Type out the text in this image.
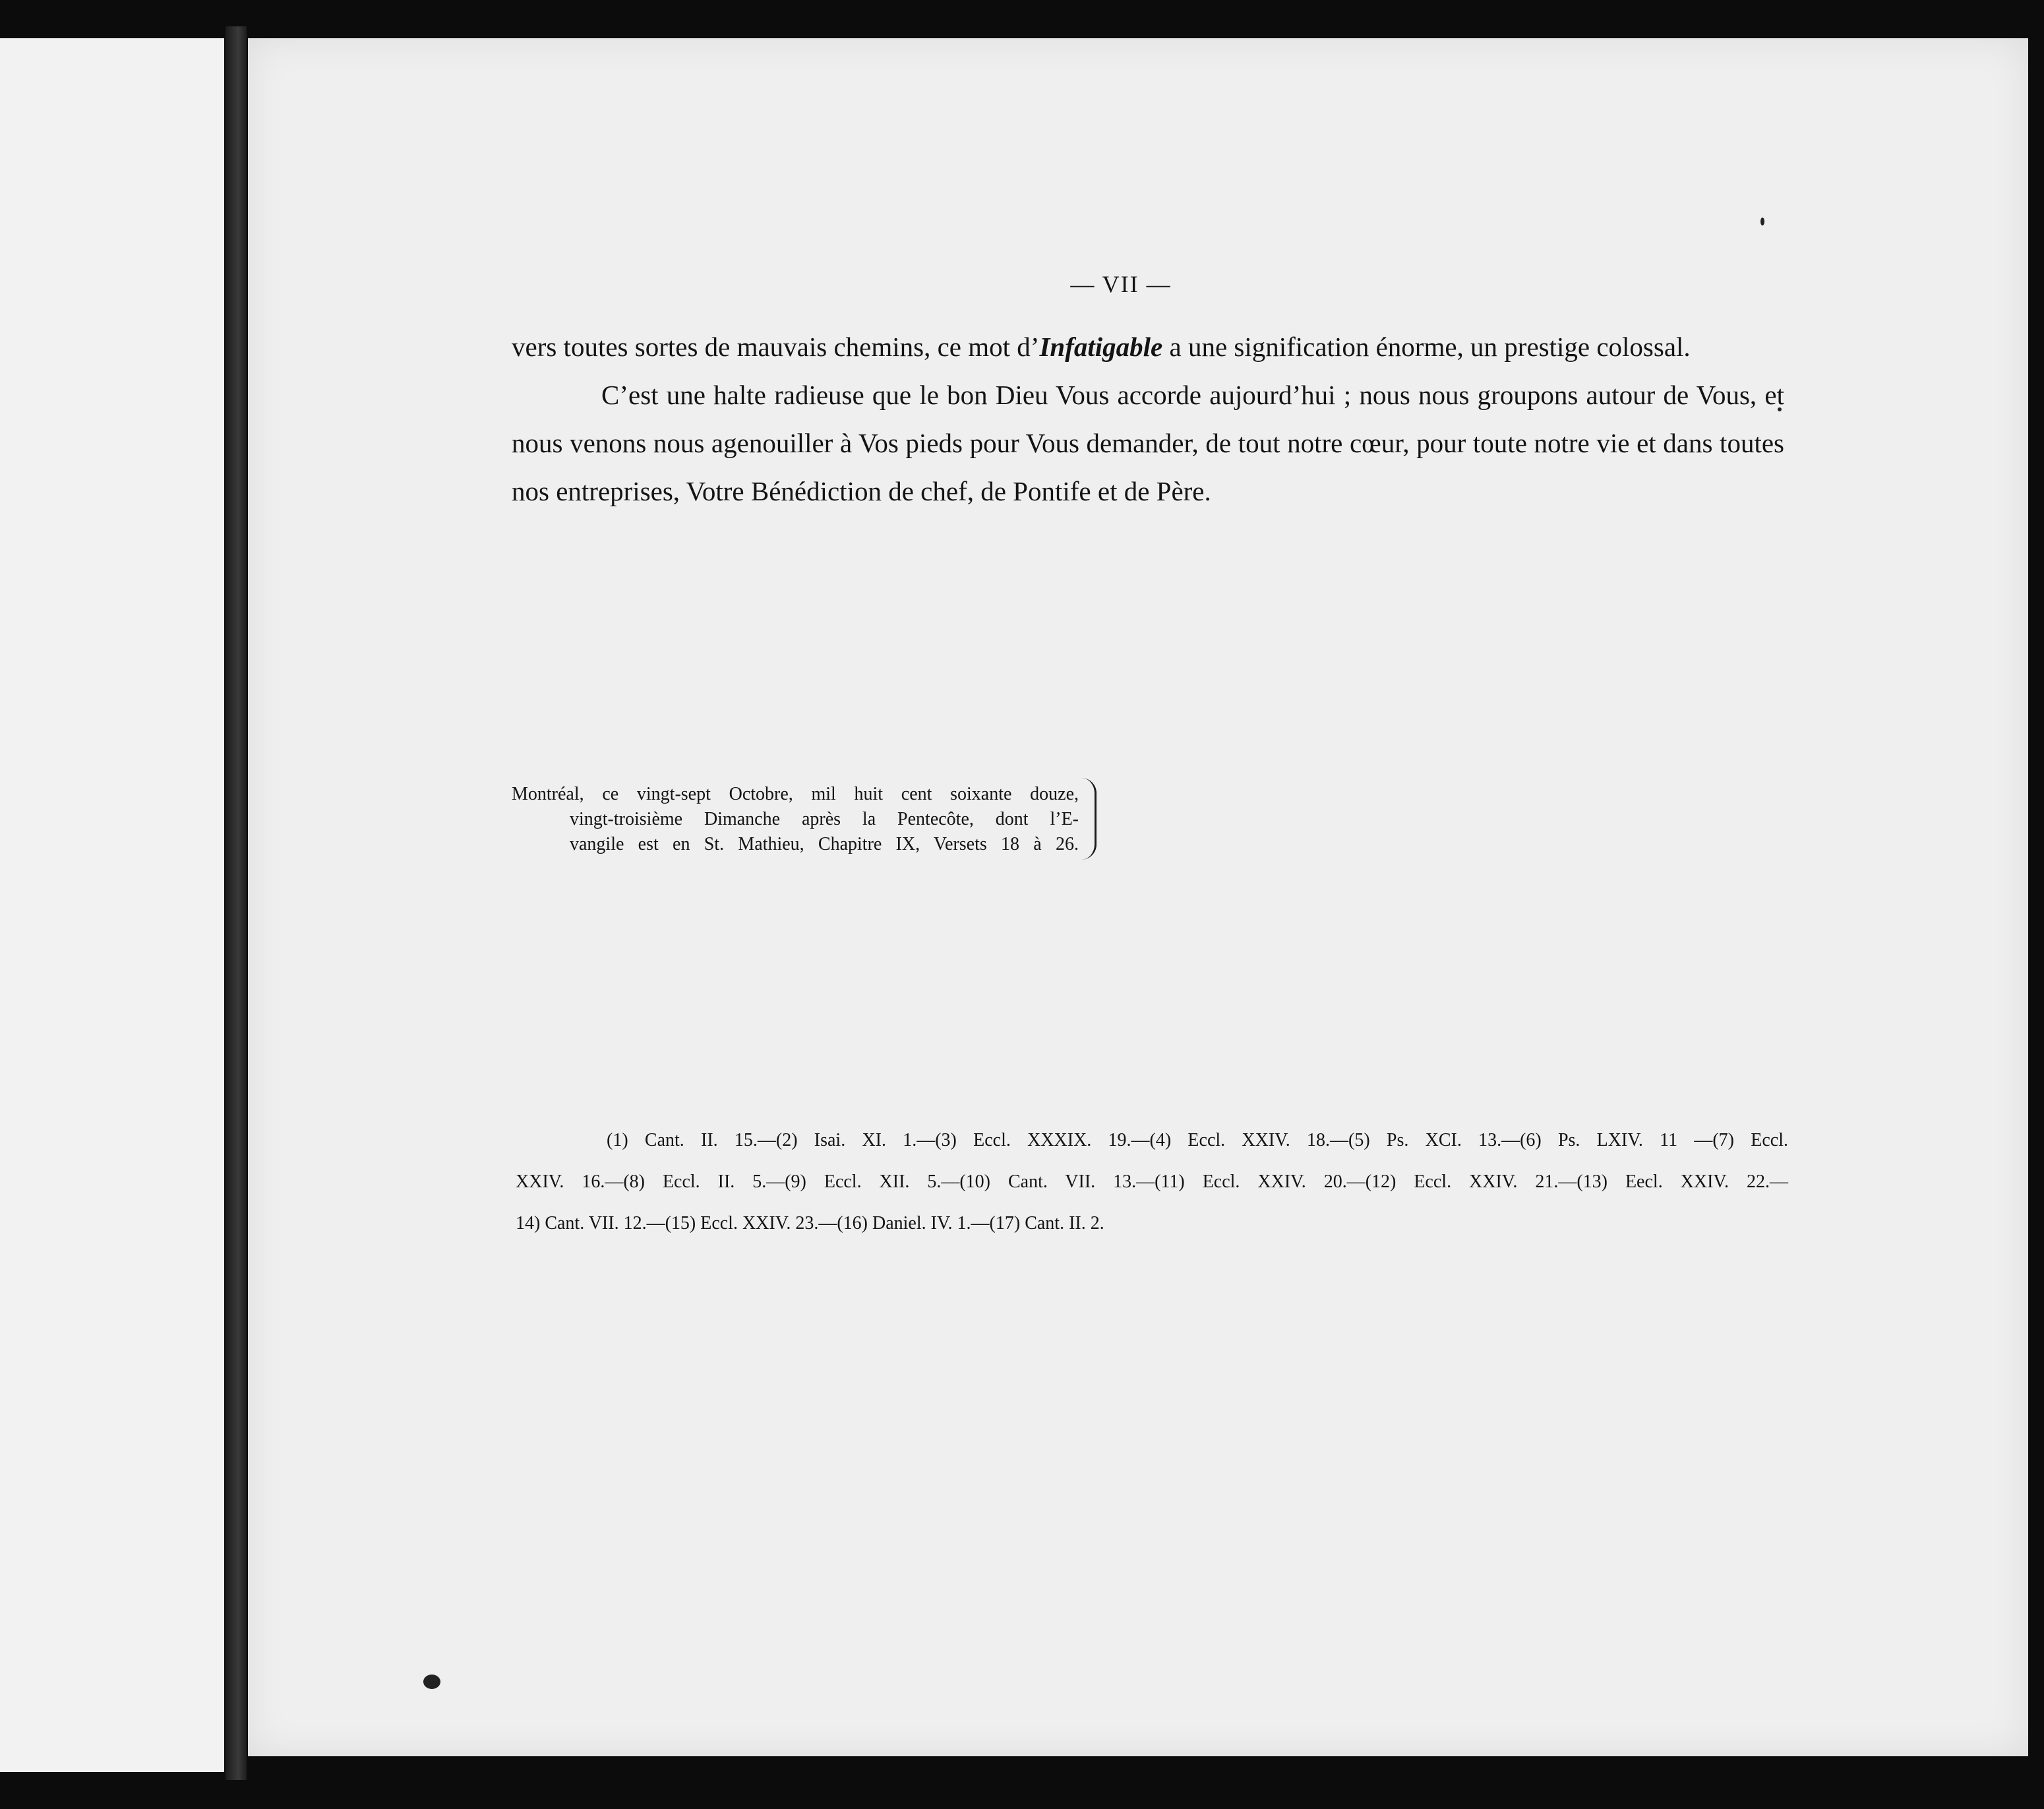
— VII —

vers toutes sortes de mauvais chemins, ce mot d’Infatigable a une signification énorme, un prestige colossal.

C’est une halte radieuse que le bon Dieu Vous accorde aujourd’hui ; nous nous groupons autour de Vous, et nous venons nous agenouiller à Vos pieds pour Vous demander, de tout notre cœur, pour toute notre vie et dans toutes nos entreprises, Votre Bénédiction de chef, de Pontife et de Père.

Montréal, ce vingt-sept Octobre, mil huit cent soixante douze,
vingt-troisième Dimanche après la Pentecôte, dont l’E-
vangile est en St. Mathieu, Chapitre IX, Versets 18 à 26.
(1) Cant. II. 15.—(2) Isai. XI. 1.—(3) Eccl. XXXIX. 19.—(4) Eccl. XXIV. 18.—(5) Ps. XCI. 13.—(6) Ps. LXIV. 11 —(7) Eccl.
XXIV. 16.—(8) Eccl. II. 5.—(9) Eccl. XII. 5.—(10) Cant. VII. 13.—(11) Eccl. XXIV. 20.—(12) Eccl. XXIV. 21.—(13) Eecl. XXIV. 22.—
14) Cant. VII. 12.—(15) Eccl. XXIV. 23.—(16) Daniel. IV. 1.—(17) Cant. II. 2.
